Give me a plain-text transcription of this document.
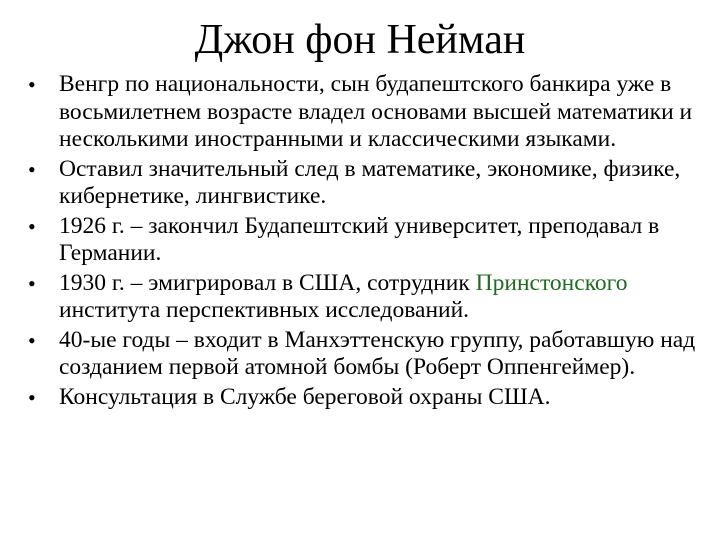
Джон фон Нейман
• Венгр по национальности, сын будапештского банкира уже в восьмилетнем возрасте владел основами высшей математики и несколькими иностранными и классическими языками.
• Оставил значительный след в математике, экономике, физике, кибернетике, лингвистике.
• 1926 г. – закончил Будапештский университет, преподавал в Германии.
• 1930 г. – эмигрировал в США, сотрудник Принстонского института перспективных исследований.
• 40-ые годы – входит в Манхэттенскую группу, работавшую над созданием первой атомной бомбы (Роберт Оппенгеймер).
• Консультация в Службе береговой охраны США.
